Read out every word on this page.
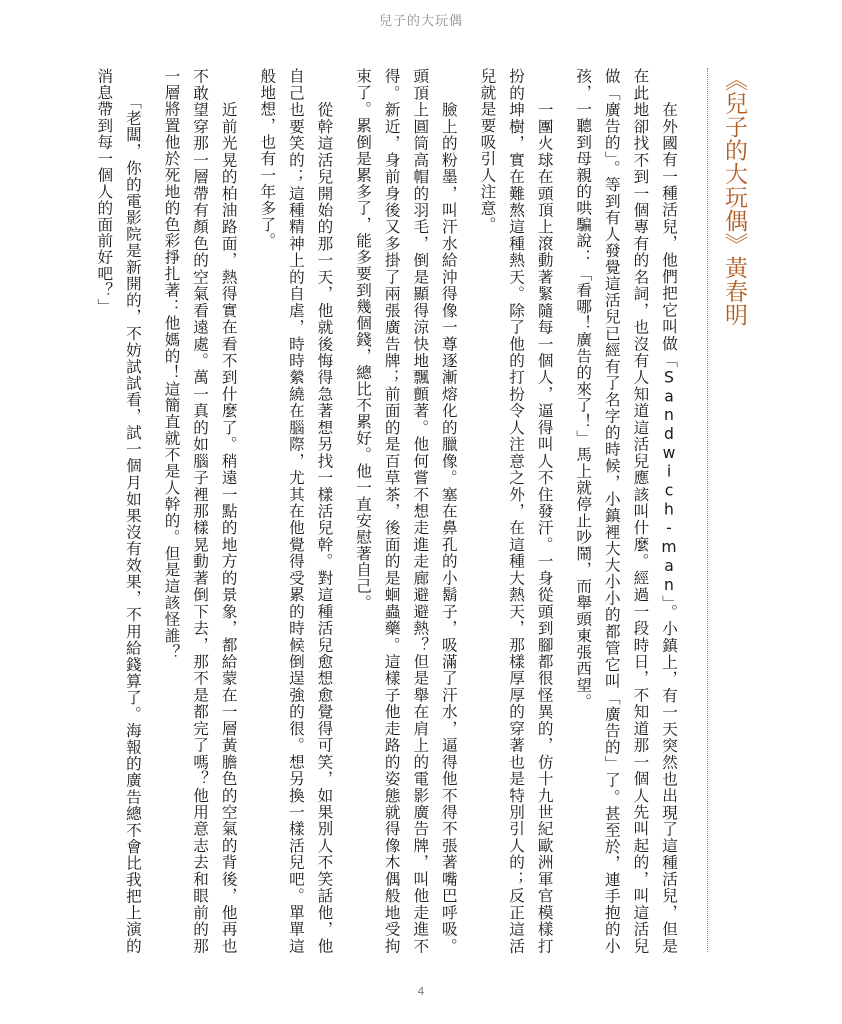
兒子的大玩偶
《兒子的大玩偶》黃春明

　　在外國有一種活兒，他們把它叫做「Sandwich-man」。小鎮上，有一天突然也出現了這種活兒，但是在此地卻找不到一個專有的名詞，也沒有人知道這活兒應該叫什麼。經過一段時日，不知道那一個人先叫起的，叫這活兒做「廣告的」。等到有人發覺這活兒已經有了名字的時候，小鎮裡大大小小的都管它叫「廣告的」了。甚至於，連手抱的小孩，一聽到母親的哄騙說：「看哪！廣告的來了！」馬上就停止吵鬧，而舉頭東張西望。

　　一團火球在頭頂上滾動著緊隨每一個人，逼得叫人不住發汗。一身從頭到腳都很怪異的，仿十九世紀歐洲軍官模樣打扮的坤樹，實在難熬這種熱天。除了他的打扮令人注意之外，在這種大熱天，那樣厚厚的穿著也是特別引人的；反正這活兒就是要吸引人注意。

　　臉上的粉墨，叫汗水給沖得像一尊逐漸熔化的臘像。塞在鼻孔的小鬍子，吸滿了汗水，逼得他不得不張著嘴巴呼吸。頭頂上圓筒高帽的羽毛，倒是顯得涼快地飄顫著。他何嘗不想走進走廊避避熱？但是舉在肩上的電影廣告牌，叫他走進不得。新近，身前身後又多掛了兩張廣告牌；前面的是百草茶，後面的是蛔蟲藥。這樣子他走路的姿態就得像木偶般地受拘束了。累倒是累多了，能多要到幾個錢，總比不累好。他一直安慰著自己。

　　從幹這活兒開始的那一天，他就後悔得急著想另找一樣活兒幹。對這種活兒愈想愈覺得可笑，如果別人不笑話他，他自己也要笑的；這種精神上的自虐，時時縈繞在腦際，尤其在他覺得受累的時候倒逞強的很。想另換一樣活兒吧。單單這般地想，也有一年多了。

　　近前光晃的柏油路面，熱得實在看不到什麼了。稍遠一點的地方的景象，都給蒙在一層黃膽色的空氣的背後，他再也不敢望穿那一層帶有顏色的空氣看遠處。萬一真的如腦子裡那樣晃動著倒下去，那不是都完了嗎？他用意志去和眼前的那一層將置他於死地的色彩掙扎著：他媽的！這簡直就不是人幹的。但是這該怪誰？

　　「老闆，你的電影院是新開的，不妨試試看，試一個月如果沒有效果，不用給錢算了。海報的廣告總不會比我把上演的消息帶到每一個人的面前好吧？」

4
